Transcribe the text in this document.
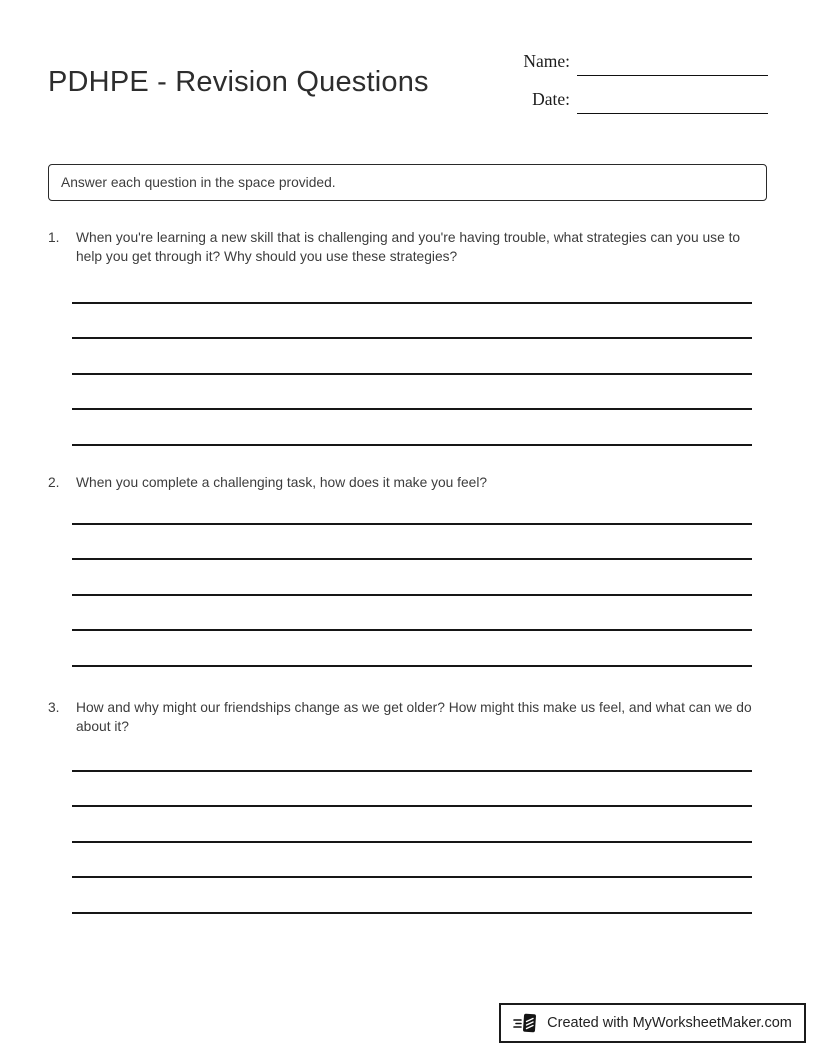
PDHPE - Revision Questions
Name:
Date:
Answer each question in the space provided.
1.	When you're learning a new skill that is challenging and you're having trouble, what strategies can you use to help you get through it? Why should you use these strategies?
2.	When you complete a challenging task, how does it make you feel?
3.	How and why might our friendships change as we get older? How might this make us feel, and what can we do about it?
Created with MyWorksheetMaker.com
